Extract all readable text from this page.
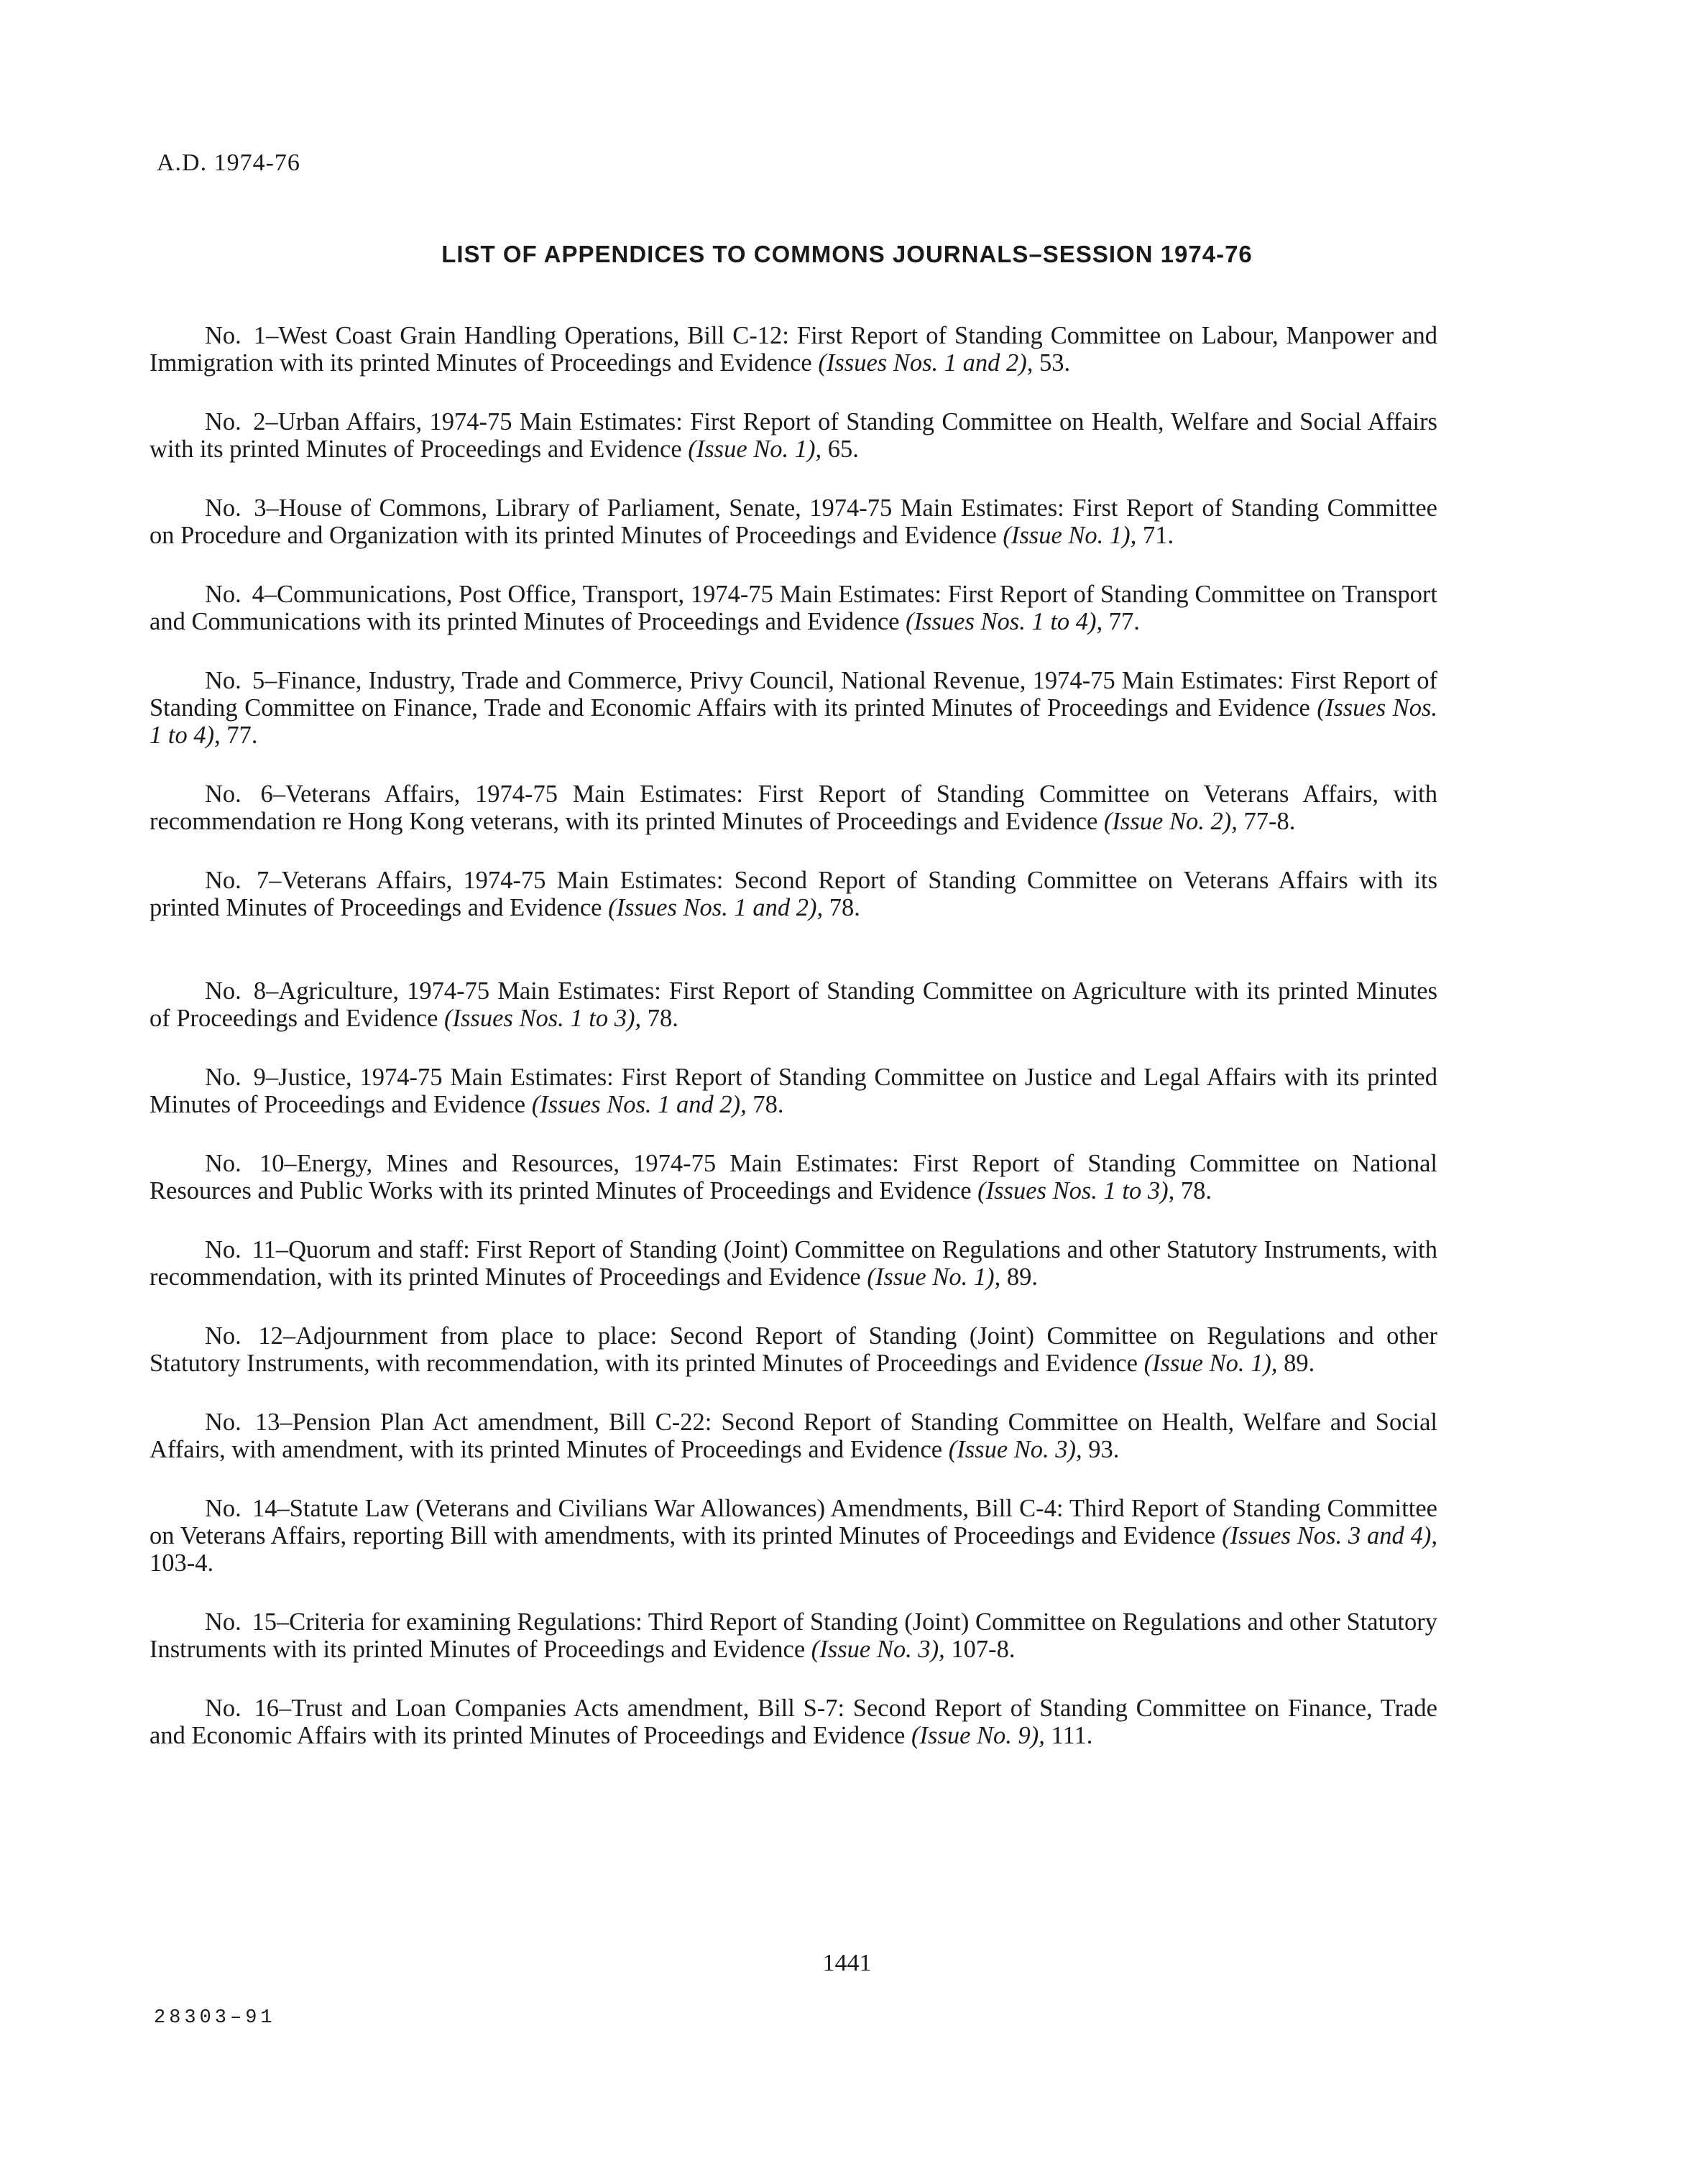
A.D. 1974-76
LIST OF APPENDICES TO COMMONS JOURNALS–SESSION 1974-76

No. 1–West Coast Grain Handling Operations, Bill C-12: First Report of Standing Committee on Labour, Manpower and Immigration with its printed Minutes of Proceedings and Evidence (Issues Nos. 1 and 2), 53.

No. 2–Urban Affairs, 1974-75 Main Estimates: First Report of Standing Committee on Health, Welfare and Social Affairs with its printed Minutes of Proceedings and Evidence (Issue No. 1), 65.

No. 3–House of Commons, Library of Parliament, Senate, 1974-75 Main Estimates: First Report of Standing Committee on Procedure and Organization with its printed Minutes of Proceedings and Evidence (Issue No. 1), 71.

No. 4–Communications, Post Office, Transport, 1974-75 Main Estimates: First Report of Standing Committee on Transport and Communications with its printed Minutes of Proceedings and Evidence (Issues Nos. 1 to 4), 77.

No. 5–Finance, Industry, Trade and Commerce, Privy Council, National Revenue, 1974-75 Main Estimates: First Report of Standing Committee on Finance, Trade and Economic Affairs with its printed Minutes of Proceedings and Evidence (Issues Nos. 1 to 4), 77.

No. 6–Veterans Affairs, 1974-75 Main Estimates: First Report of Standing Committee on Veterans Affairs, with recommendation re Hong Kong veterans, with its printed Minutes of Proceedings and Evidence (Issue No. 2), 77-8.

No. 7–Veterans Affairs, 1974-75 Main Estimates: Second Report of Standing Committee on Veterans Affairs with its printed Minutes of Proceedings and Evidence (Issues Nos. 1 and 2), 78.

No. 8–Agriculture, 1974-75 Main Estimates: First Report of Standing Committee on Agriculture with its printed Minutes of Proceedings and Evidence (Issues Nos. 1 to 3), 78.

No. 9–Justice, 1974-75 Main Estimates: First Report of Standing Committee on Justice and Legal Affairs with its printed Minutes of Proceedings and Evidence (Issues Nos. 1 and 2), 78.

No. 10–Energy, Mines and Resources, 1974-75 Main Estimates: First Report of Standing Committee on National Resources and Public Works with its printed Minutes of Proceedings and Evidence (Issues Nos. 1 to 3), 78.

No. 11–Quorum and staff: First Report of Standing (Joint) Committee on Regulations and other Statutory Instruments, with recommendation, with its printed Minutes of Proceedings and Evidence (Issue No. 1), 89.

No. 12–Adjournment from place to place: Second Report of Standing (Joint) Committee on Regulations and other Statutory Instruments, with recommendation, with its printed Minutes of Proceedings and Evidence (Issue No. 1), 89.

No. 13–Pension Plan Act amendment, Bill C-22: Second Report of Standing Committee on Health, Welfare and Social Affairs, with amendment, with its printed Minutes of Proceedings and Evidence (Issue No. 3), 93.

No. 14–Statute Law (Veterans and Civilians War Allowances) Amendments, Bill C-4: Third Report of Standing Committee on Veterans Affairs, reporting Bill with amendments, with its printed Minutes of Proceedings and Evidence (Issues Nos. 3 and 4), 103-4.

No. 15–Criteria for examining Regulations: Third Report of Standing (Joint) Committee on Regulations and other Statutory Instruments with its printed Minutes of Proceedings and Evidence (Issue No. 3), 107-8.

No. 16–Trust and Loan Companies Acts amendment, Bill S-7: Second Report of Standing Committee on Finance, Trade and Economic Affairs with its printed Minutes of Proceedings and Evidence (Issue No. 9), 111.

1441
28303–91
